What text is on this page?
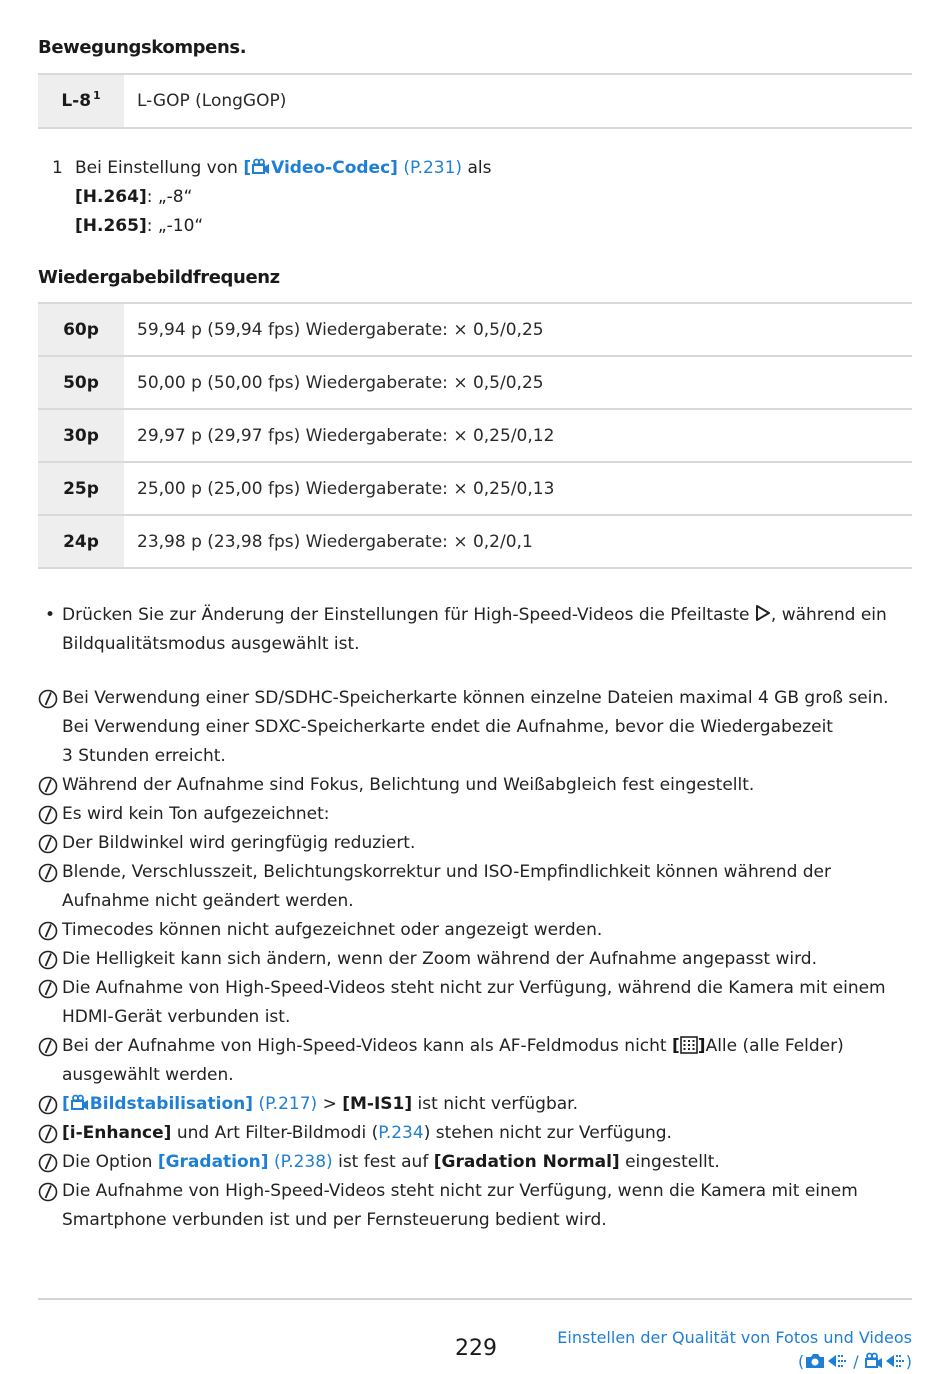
Bewegungskompens.
L-8 $^1$	L-GOP (LongGOP)
1 Bei Einstellung von [ Video-Codec] (P.231) als
[H.264]: „-8“
[H.265]: „-10“
Wiedergabebildfrequenz
60p	59,94 p (59,94 fps) Wiedergaberate: × 0,5/0,25
50p	50,00 p (50,00 fps) Wiedergaberate: × 0,5/0,25
30p	29,97 p (29,97 fps) Wiedergaberate: × 0,25/0,12
25p	25,00 p (25,00 fps) Wiedergaberate: × 0,25/0,13
24p	23,98 p (23,98 fps) Wiedergaberate: × 0,2/0,1
• Drücken Sie zur Änderung der Einstellungen für High-Speed-Videos die Pfeiltaste , während ein
Bildqualitätsmodus ausgewählt ist.
Bei Verwendung einer SD/SDHC-Speicherkarte können einzelne Dateien maximal 4 GB groß sein.
Bei Verwendung einer SDXC-Speicherkarte endet die Aufnahme, bevor die Wiedergabezeit
3 Stunden erreicht.
Während der Aufnahme sind Fokus, Belichtung und Weißabgleich fest eingestellt.
Es wird kein Ton aufgezeichnet:
Der Bildwinkel wird geringfügig reduziert.
Blende, Verschlusszeit, Belichtungskorrektur und ISO-Empfindlichkeit können während der
Aufnahme nicht geändert werden.
Timecodes können nicht aufgezeichnet oder angezeigt werden.
Die Helligkeit kann sich ändern, wenn der Zoom während der Aufnahme angepasst wird.
Die Aufnahme von High-Speed-Videos steht nicht zur Verfügung, während die Kamera mit einem
HDMI-Gerät verbunden ist.
Bei der Aufnahme von High-Speed-Videos kann als AF-Feldmodus nicht [ ]Alle (alle Felder)
ausgewählt werden.
[ Bildstabilisation] (P.217) > [M-IS1] ist nicht verfügbar.
[i-Enhance] und Art Filter-Bildmodi (P.234) stehen nicht zur Verfügung.
Die Option [Gradation] (P.238) ist fest auf [Gradation Normal] eingestellt.
Die Aufnahme von High-Speed-Videos steht nicht zur Verfügung, wenn die Kamera mit einem
Smartphone verbunden ist und per Fernsteuerung bedient wird.
229	Einstellen der Qualität von Fotos und Videos
(	/	)
